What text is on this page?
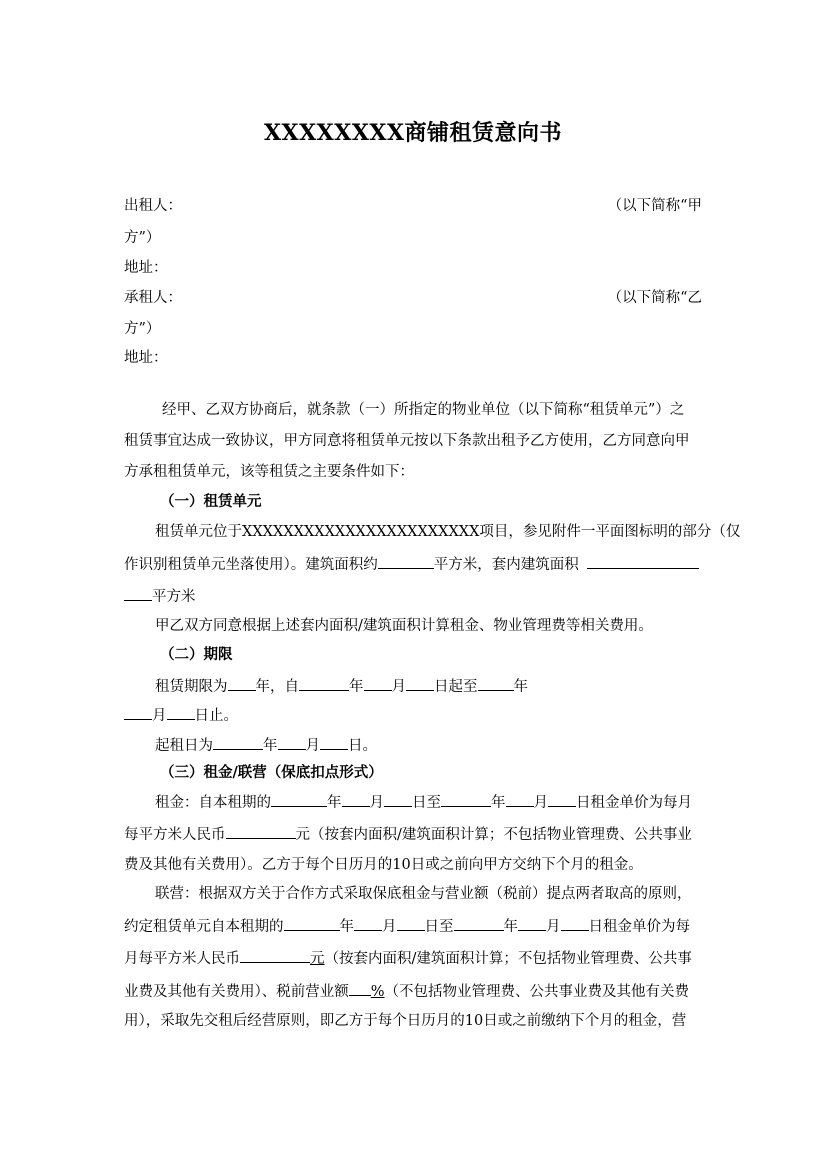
XXXXXXXX商铺租赁意向书
出租人：	（以下简称“甲
方”）
地址：
承租人：	（以下简称“乙
方”）
地址：
经甲、乙双方协商后，就条款（一）所指定的物业单位（以下简称“租赁单元”）之
租赁事宜达成一致协议，甲方同意将租赁单元按以下条款出租予乙方使用，乙方同意向甲
方承租租赁单元，该等租赁之主要条件如下：
（一）租赁单元
租赁单元位于XXXXXXXXXXXXXXXXXXXXXXX项目，参见附件一平面图标明的部分（仅
作识别租赁单元坐落使用）。建筑面积约	平方米，套内建筑面积
平方米
甲乙双方同意根据上述套内面积/建筑面积计算租金、物业管理费等相关费用。
（二）期限
租赁期限为 年，自	年 月 日起至 年
月 日止。
起租日为	年 月 日。
（三）租金/联营（保底扣点形式）
租金：自本租期的	年 月 日至	年 月 日租金单价为每月
每平方米人民币	元（按套内面积/建筑面积计算；不包括物业管理费、公共事业
费及其他有关费用）。乙方于每个日历月的10日或之前向甲方交纳下个月的租金。
联营：根据双方关于合作方式采取保底租金与营业额（税前）提点两者取高的原则，
约定租赁单元自本租期的	年 月 日至	年 月 日租金单价为每
月每平方米人民币	元（按套内面积/建筑面积计算；不包括物业管理费、公共事
业费及其他有关费用）、税前营业额 %（不包括物业管理费、公共事业费及其他有关费
用），采取先交租后经营原则，即乙方于每个日历月的10日或之前缴纳下个月的租金，营
